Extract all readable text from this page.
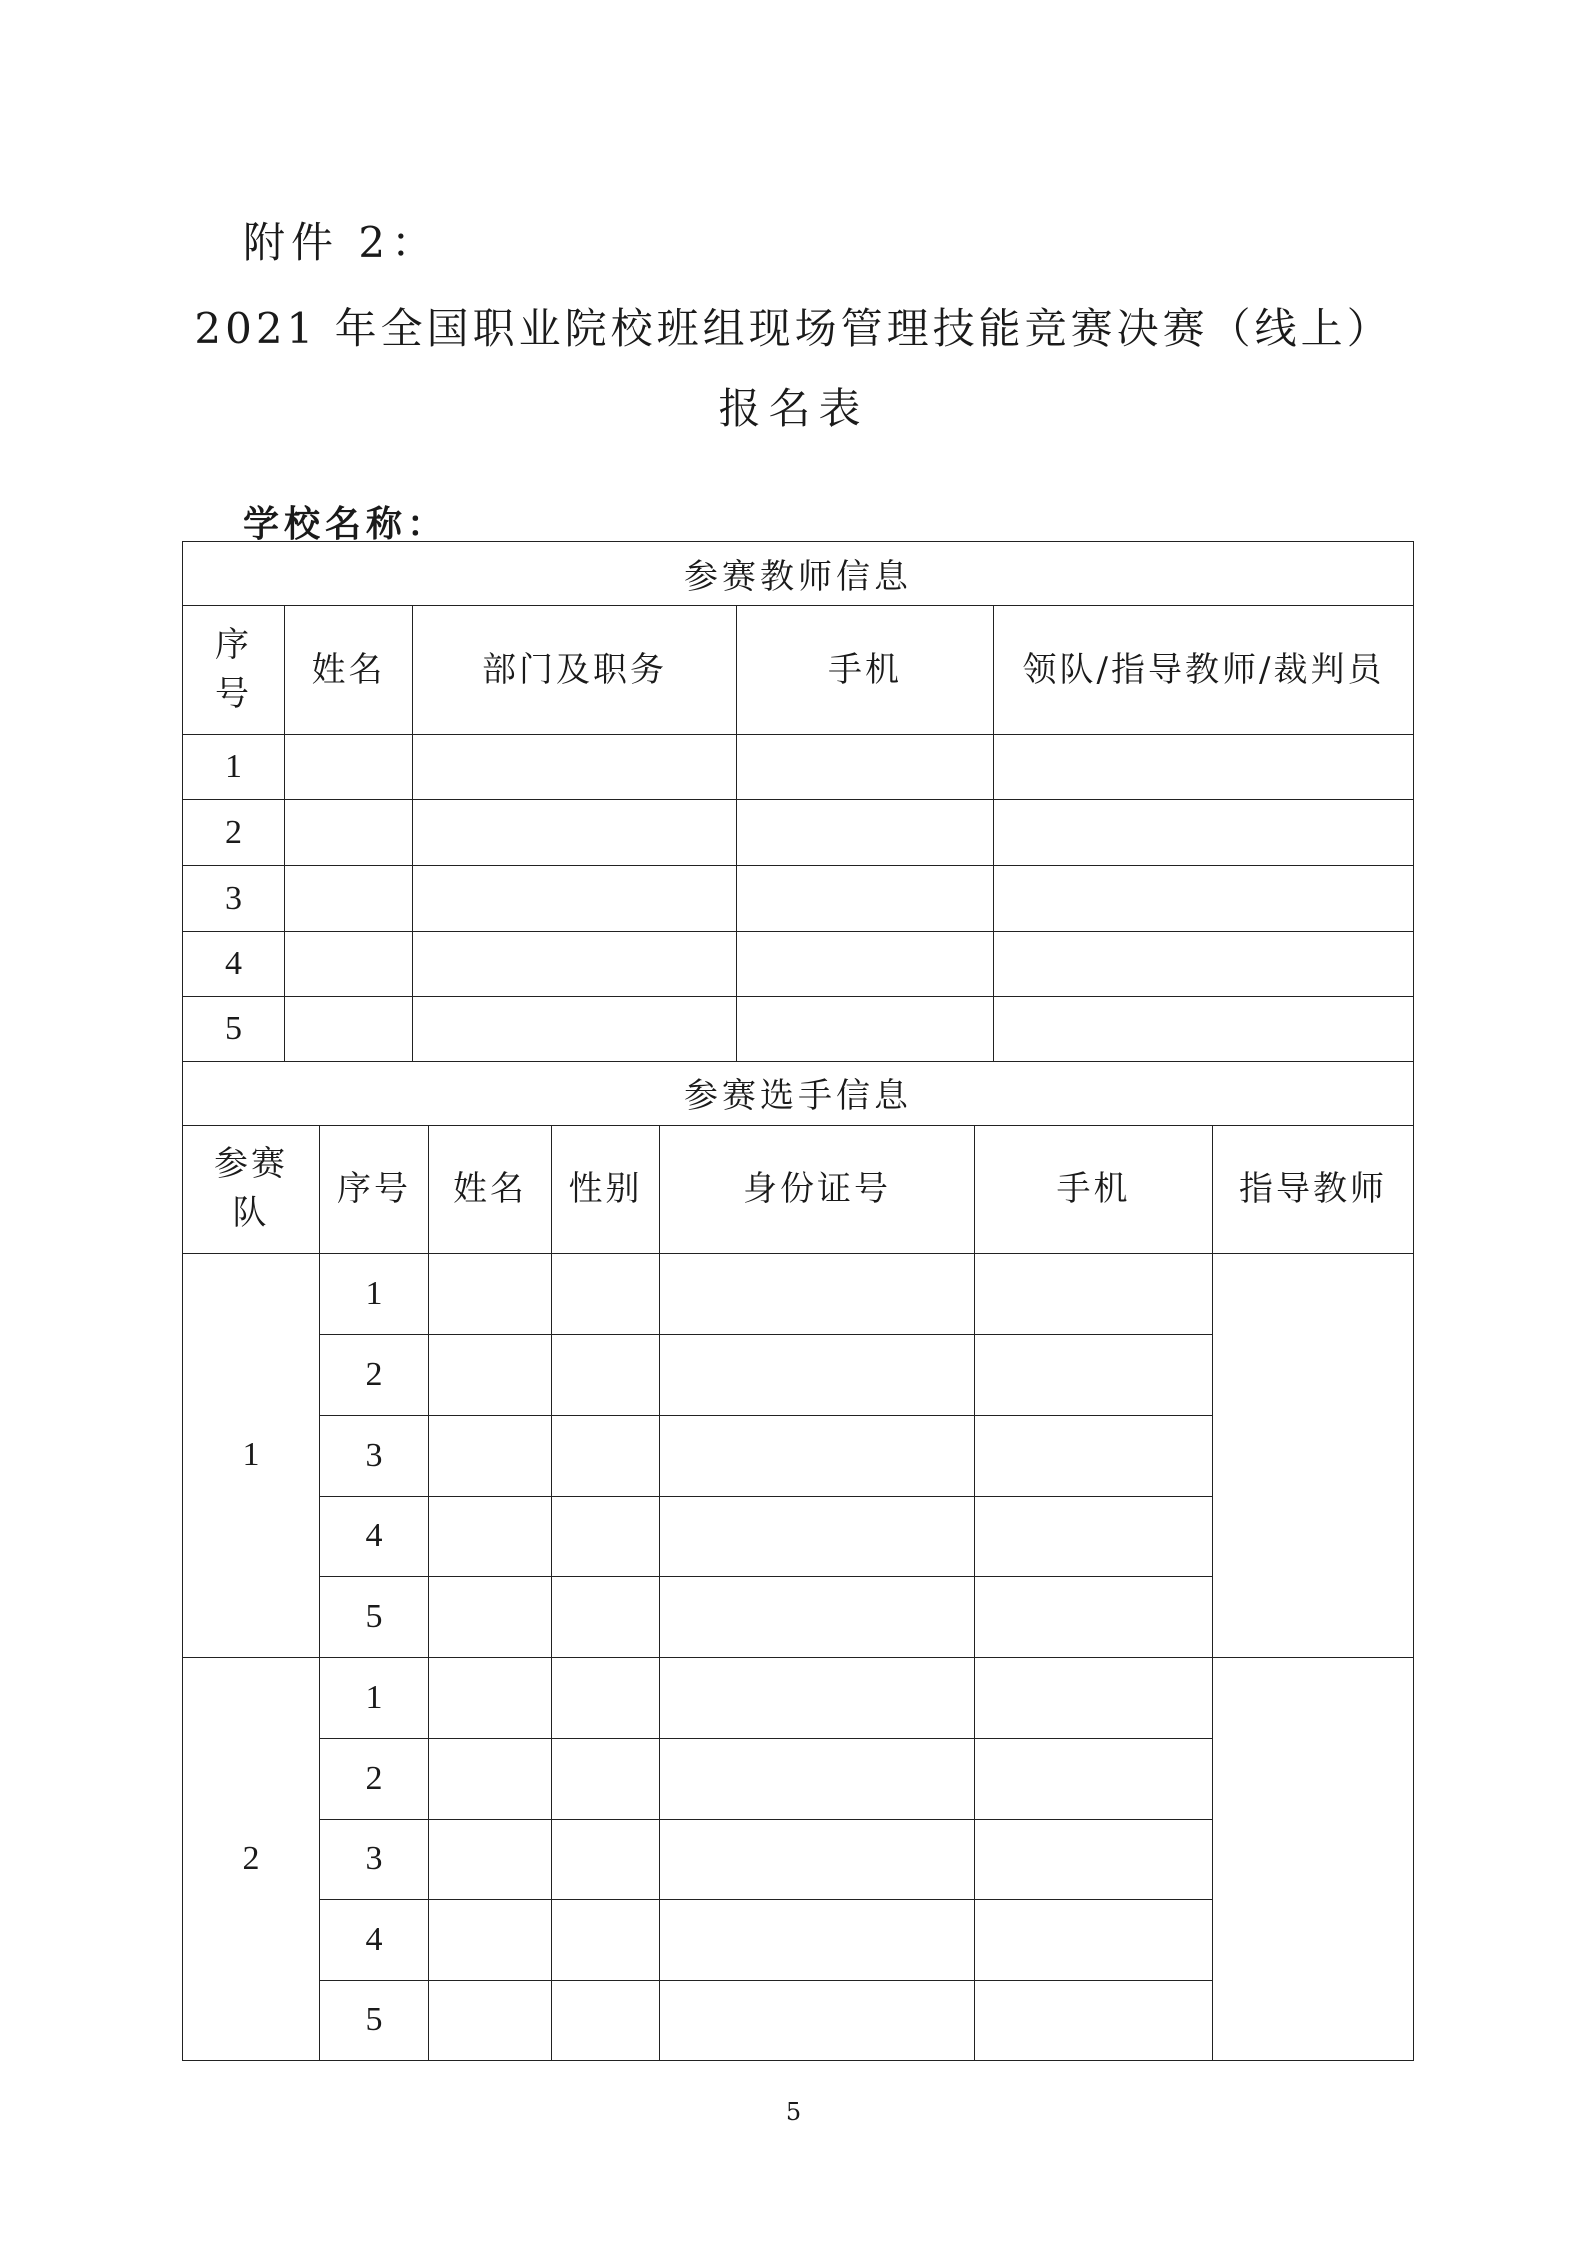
附件 2：
2021 年全国职业院校班组现场管理技能竞赛决赛（线上）
报名表
学校名称：
参赛教师信息				
序号	姓名	部门及职务	手机	领队/指导教师/裁判员
1				
2				
3				
4				
5				
参赛选手信息						
参赛队	序号	姓名	性别	身份证号	手机	指导教师
1	1					
	2					
	3					
	4					
	5					
2	1					
	2					
	3					
	4					
	5					
5
